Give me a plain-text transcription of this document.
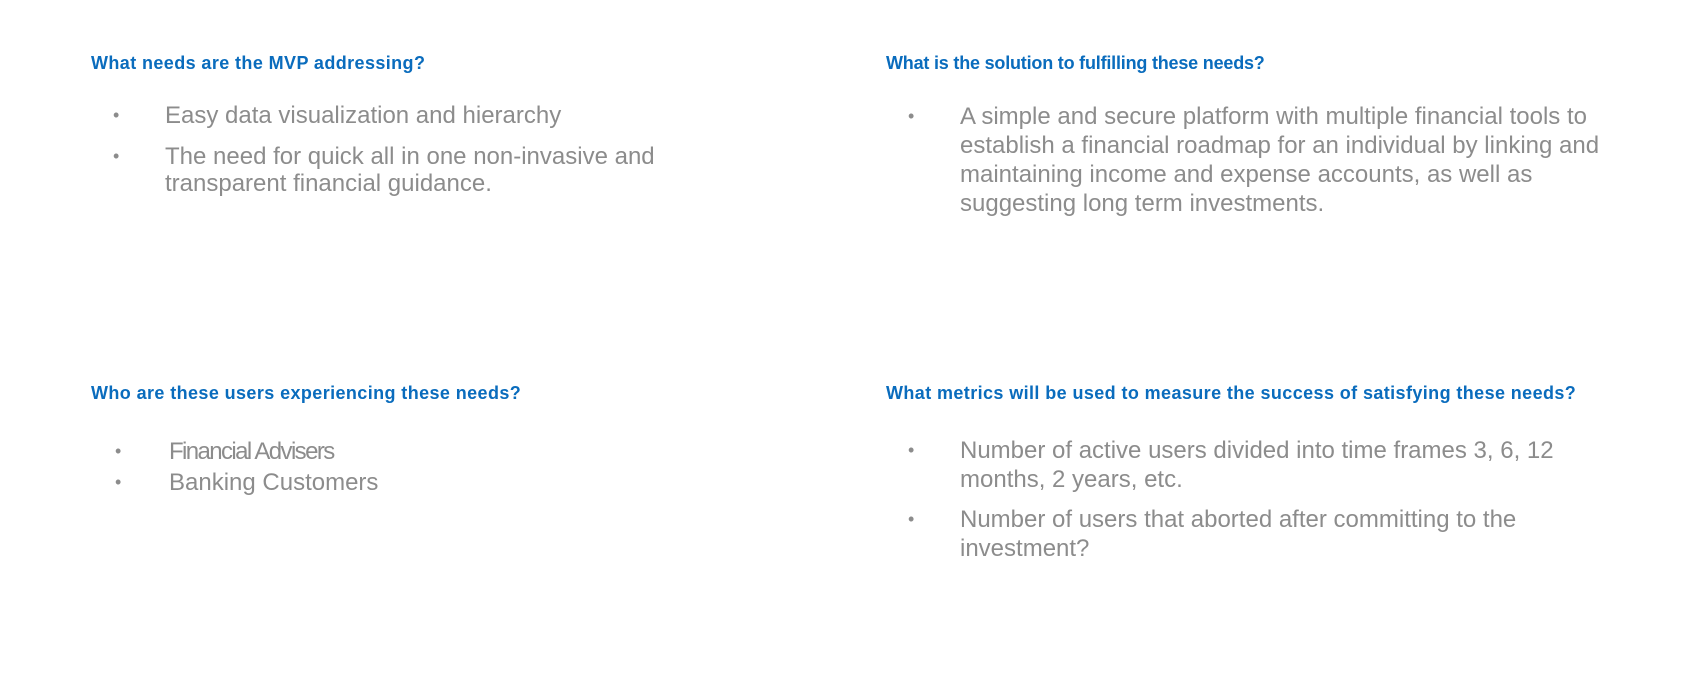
What needs are the MVP addressing?
•	Easy data visualization and hierarchy
•	The need for quick all in one non-invasive and transparent financial guidance.
What is the solution to fulfilling these needs?
•	A simple and secure platform with multiple financial tools to establish a financial roadmap for an individual by linking and maintaining income and expense accounts, as well as suggesting long term investments.
Who are these users experiencing these needs?
•	Financial Advisers
•	Banking Customers
What metrics will be used to measure the success of satisfying these needs?
•	Number of active users divided into time frames 3, 6, 12 months, 2 years, etc.
•	Number of users that aborted after committing to the investment?
